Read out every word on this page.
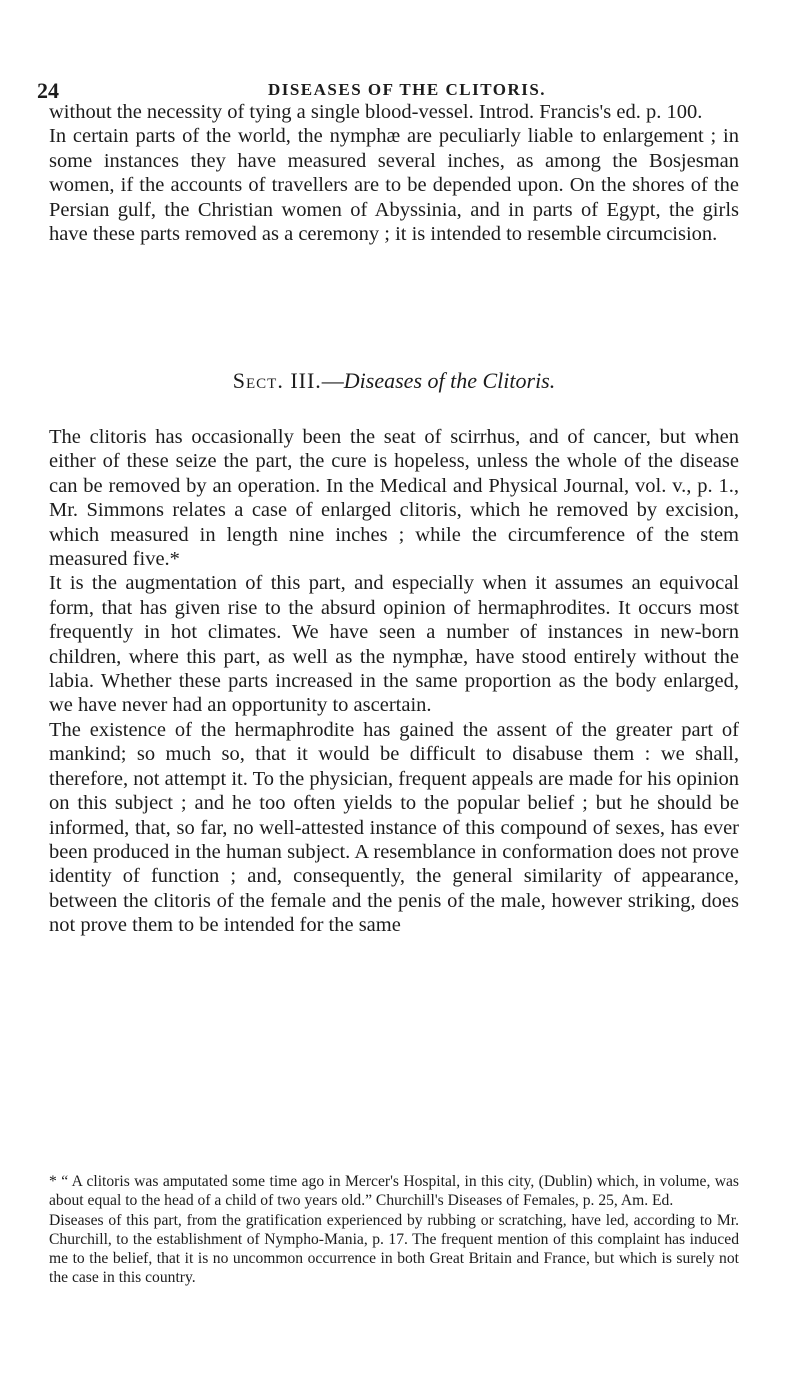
24	DISEASES OF THE CLITORIS.

without the necessity of tying a single blood-vessel. Introd. Francis's ed. p. 100.

In certain parts of the world, the nymphæ are peculiarly liable to enlargement ; in some instances they have measured several inches, as among the Bosjesman women, if the accounts of travellers are to be depended upon. On the shores of the Persian gulf, the Christian women of Abyssinia, and in parts of Egypt, the girls have these parts removed as a ceremony ; it is intended to resemble circumcision.

Sect. III.—Diseases of the Clitoris.

The clitoris has occasionally been the seat of scirrhus, and of cancer, but when either of these seize the part, the cure is hopeless, unless the whole of the disease can be removed by an operation. In the Medical and Physical Journal, vol. v., p. 1., Mr. Simmons relates a case of enlarged clitoris, which he removed by excision, which measured in length nine inches ; while the circumference of the stem measured five.*

It is the augmentation of this part, and especially when it assumes an equivocal form, that has given rise to the absurd opinion of hermaphrodites. It occurs most frequently in hot climates. We have seen a number of instances in new-born children, where this part, as well as the nymphæ, have stood entirely without the labia. Whether these parts increased in the same proportion as the body enlarged, we have never had an opportunity to ascertain.

The existence of the hermaphrodite has gained the assent of the greater part of mankind; so much so, that it would be difficult to disabuse them : we shall, therefore, not attempt it. To the physician, frequent appeals are made for his opinion on this subject ; and he too often yields to the popular belief ; but he should be informed, that, so far, no well-attested instance of this compound of sexes, has ever been produced in the human subject. A resemblance in conformation does not prove identity of function ; and, consequently, the general similarity of appearance, between the clitoris of the female and the penis of the male, however striking, does not prove them to be intended for the same

* “ A clitoris was amputated some time ago in Mercer's Hospital, in this city, (Dublin) which, in volume, was about equal to the head of a child of two years old.” Churchill's Diseases of Females, p. 25, Am. Ed.

Diseases of this part, from the gratification experienced by rubbing or scratching, have led, according to Mr. Churchill, to the establishment of Nympho-Mania, p. 17. The frequent mention of this complaint has induced me to the belief, that it is no uncommon occurrence in both Great Britain and France, but which is surely not the case in this country.
